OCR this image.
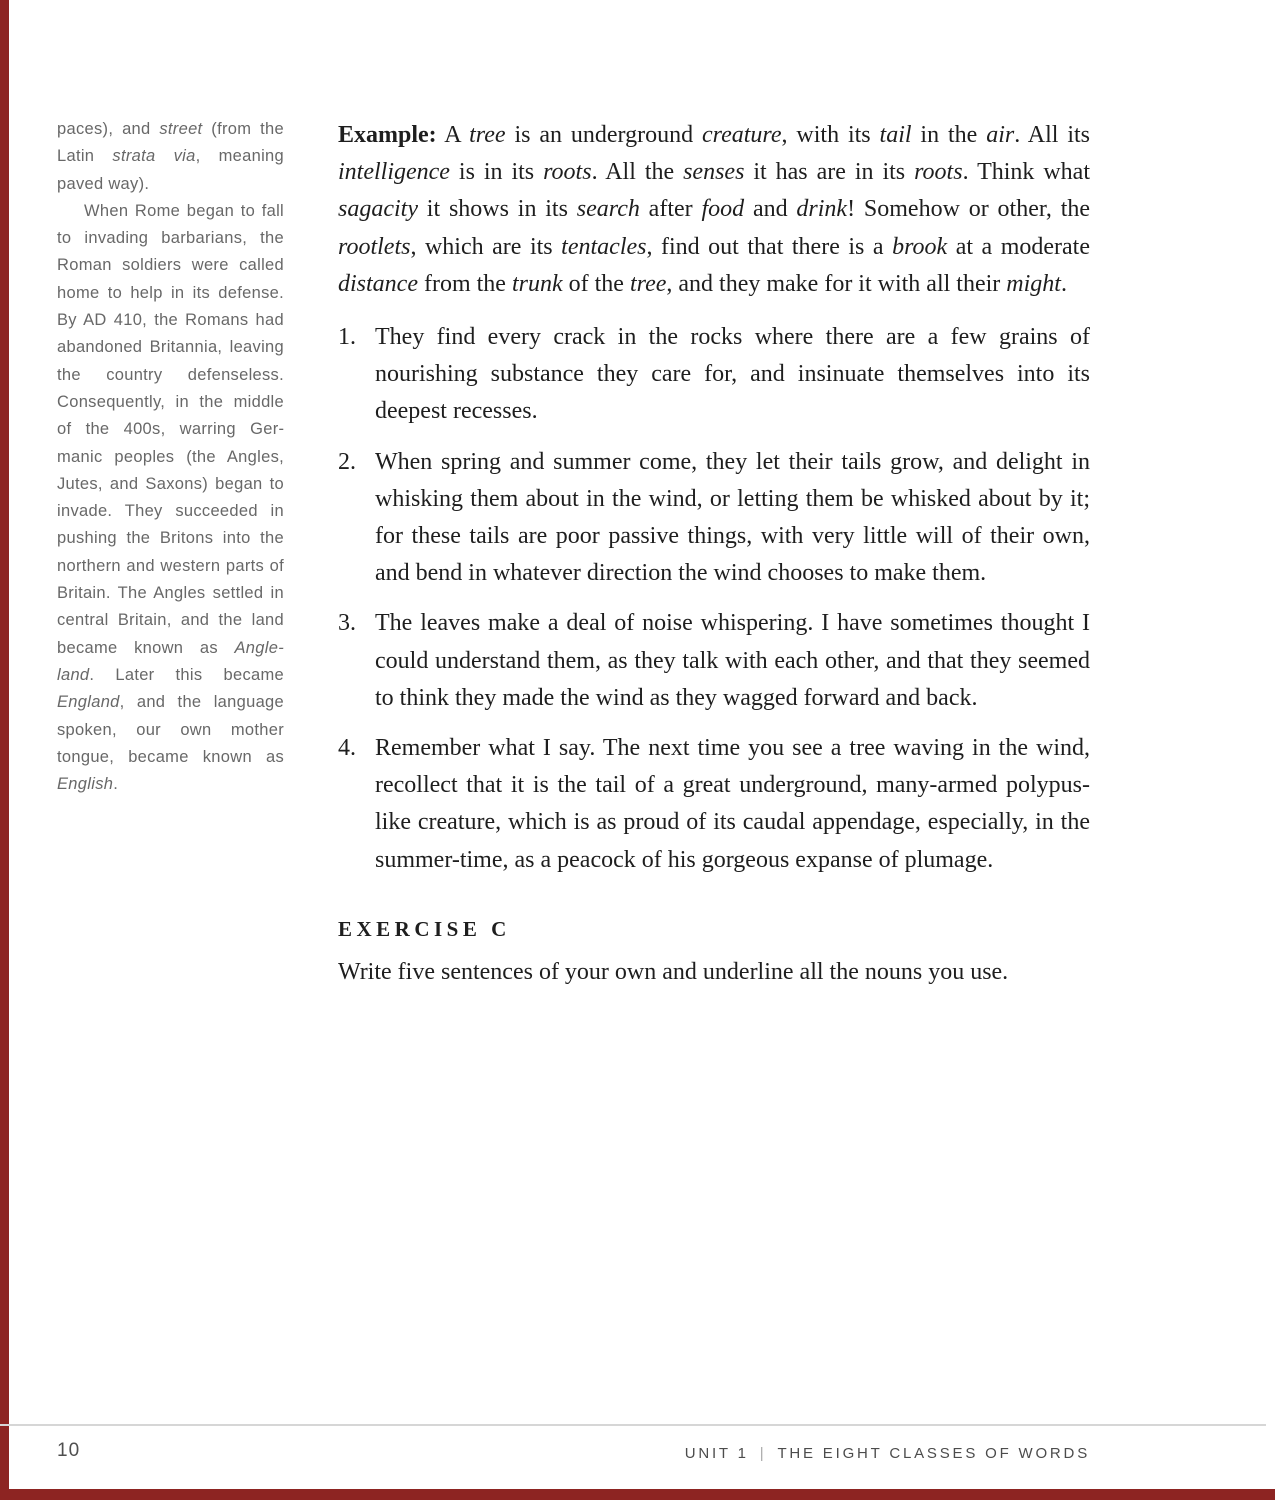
paces), and street (from the Latin strata via, meaning paved way).

When Rome began to fall to invading barbarians, the Roman soldiers were called home to help in its defense. By AD 410, the Romans had abandoned Britannia, leaving the country defenseless. Consequently, in the middle of the 400s, warring Germanic peoples (the Angles, Jutes, and Saxons) began to invade. They succeeded in pushing the Britons into the northern and western parts of Britain. The Angles settled in central Britain, and the land became known as Angle-land. Later this became England, and the language spoken, our own mother tongue, became known as English.

Example: A tree is an underground creature, with its tail in the air. All its intelligence is in its roots. All the senses it has are in its roots. Think what sagacity it shows in its search after food and drink! Somehow or other, the rootlets, which are its tentacles, find out that there is a brook at a moderate distance from the trunk of the tree, and they make for it with all their might.

1. They find every crack in the rocks where there are a few grains of nourishing substance they care for, and insinuate themselves into its deepest recesses.
2. When spring and summer come, they let their tails grow, and delight in whisking them about in the wind, or letting them be whisked about by it; for these tails are poor passive things, with very little will of their own, and bend in whatever direction the wind chooses to make them.
3. The leaves make a deal of noise whispering. I have sometimes thought I could understand them, as they talk with each other, and that they seemed to think they made the wind as they wagged forward and back.
4. Remember what I say. The next time you see a tree waving in the wind, recollect that it is the tail of a great underground, many-armed polypus-like creature, which is as proud of its caudal appendage, especially, in the summer-time, as a peacock of his gorgeous expanse of plumage.
EXERCISE C

Write five sentences of your own and underline all the nouns you use.

10	UNIT 1 | THE EIGHT CLASSES OF WORDS
